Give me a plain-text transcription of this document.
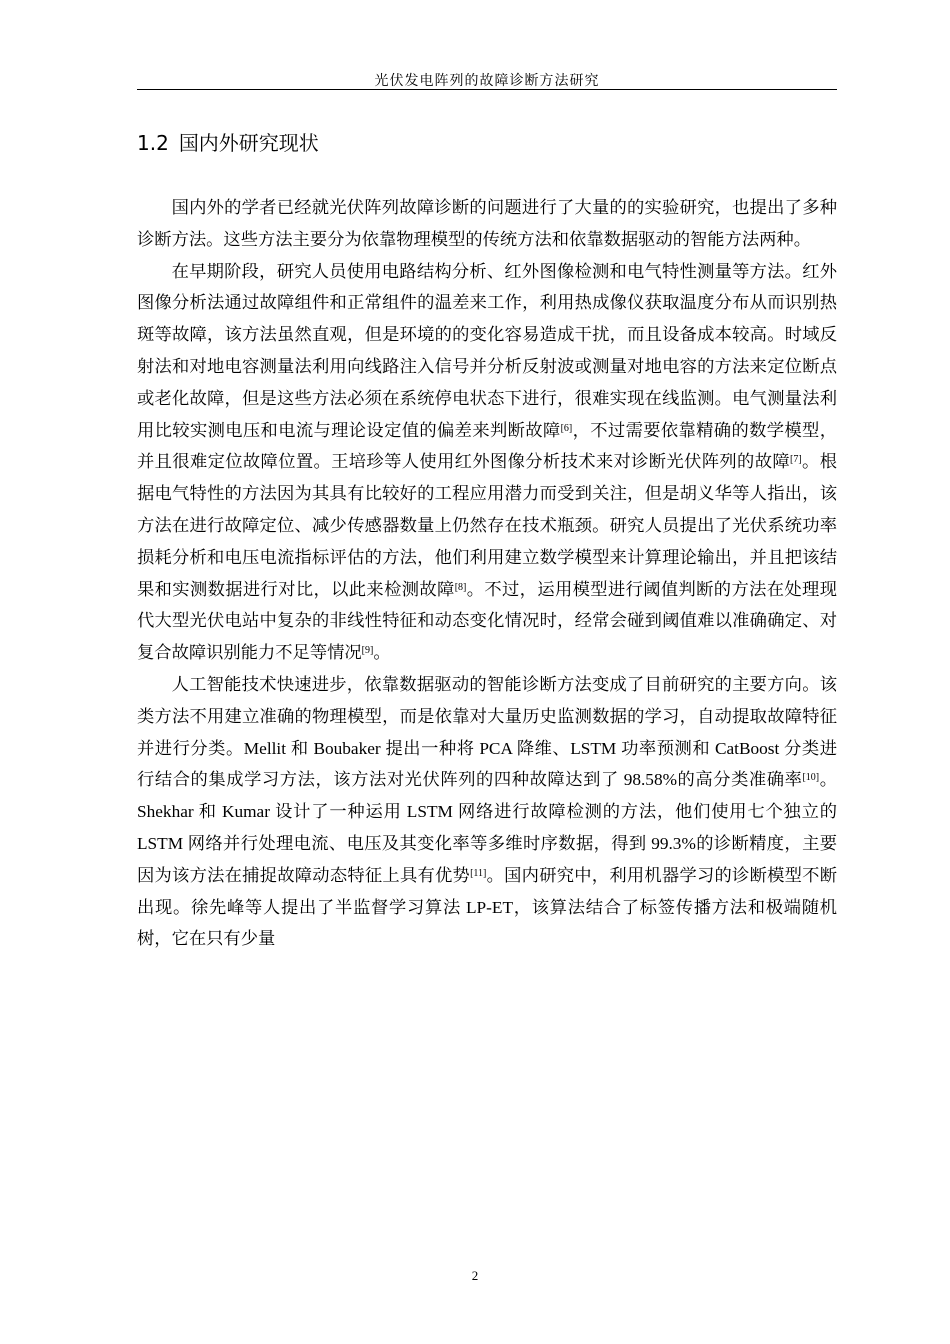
光伏发电阵列的故障诊断方法研究
1.2 国内外研究现状

国内外的学者已经就光伏阵列故障诊断的问题进行了大量的的实验研究，也提出了多种诊断方法。这些方法主要分为依靠物理模型的传统方法和依靠数据驱动的智能方法两种。

在早期阶段，研究人员使用电路结构分析、红外图像检测和电气特性测量等方法。红外图像分析法通过故障组件和正常组件的温差来工作，利用热成像仪获取温度分布从而识别热斑等故障，该方法虽然直观，但是环境的的变化容易造成干扰，而且设备成本较高。时域反射法和对地电容测量法利用向线路注入信号并分析反射波或测量对地电容的方法来定位断点或老化故障，但是这些方法必须在系统停电状态下进行，很难实现在线监测。电气测量法利用比较实测电压和电流与理论设定值的偏差来判断故障[6]，不过需要依靠精确的数学模型，并且很难定位故障位置。王培珍等人使用红外图像分析技术来对诊断光伏阵列的故障[7]。根据电气特性的方法因为其具有比较好的工程应用潜力而受到关注，但是胡义华等人指出，该方法在进行故障定位、减少传感器数量上仍然存在技术瓶颈。研究人员提出了光伏系统功率损耗分析和电压电流指标评估的方法，他们利用建立数学模型来计算理论输出，并且把该结果和实测数据进行对比，以此来检测故障[8]。不过，运用模型进行阈值判断的方法在处理现代大型光伏电站中复杂的非线性特征和动态变化情况时，经常会碰到阈值难以准确确定、对复合故障识别能力不足等情况[9]。

人工智能技术快速进步，依靠数据驱动的智能诊断方法变成了目前研究的主要方向。该类方法不用建立准确的物理模型，而是依靠对大量历史监测数据的学习，自动提取故障特征并进行分类。Mellit 和 Boubaker 提出一种将 PCA 降维、LSTM 功率预测和 CatBoost 分类进行结合的集成学习方法，该方法对光伏阵列的四种故障达到了 98.58%的高分类准确率[10]。Shekhar 和 Kumar 设计了一种运用 LSTM 网络进行故障检测的方法，他们使用七个独立的 LSTM 网络并行处理电流、电压及其变化率等多维时序数据，得到 99.3%的诊断精度，主要因为该方法在捕捉故障动态特征上具有优势[11]。国内研究中，利用机器学习的诊断模型不断出现。徐先峰等人提出了半监督学习算法 LP-ET，该算法结合了标签传播方法和极端随机树，它在只有少量

2
